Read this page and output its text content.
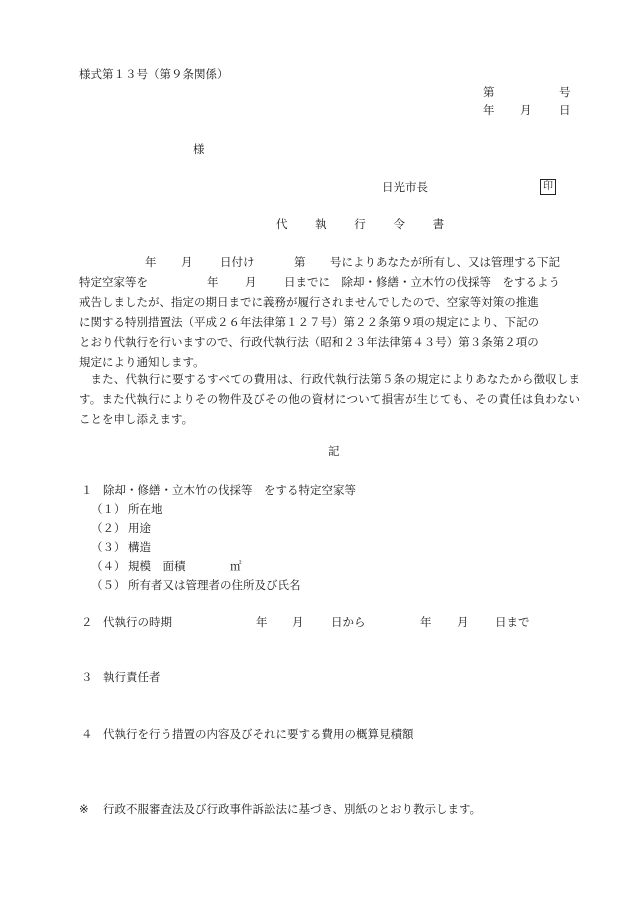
様式第１３号（第９条関係）
第	号
年 月 日
様
日光市長	印
代 執 行 令 書
年 月 日付け	第 号によりあなたが所有し、又は管理する下記
特定空家等を	年 月 日までに　除却・修繕・立木竹の伐採等　をするよう
戒告しましたが、指定の期日までに義務が履行されませんでしたので、空家等対策の推進
に関する特別措置法（平成２６年法律第１２７号）第２２条第９項の規定により、下記の
とおり代執行を行いますので、行政代執行法（昭和２３年法律第４３号）第３条第２項の
規定により通知します。
また、代執行に要するすべての費用は、行政代執行法第５条の規定によりあなたから徴収します。また代執行によりその物件及びその他の資材について損害が生じても、その責任は負わないことを申し添えます。
記
１ 除却・修繕・立木竹の伐採等　をする特定空家等
（１） 所在地
（２） 用途
（３） 構造
（４） 規模　面積	㎡
（５） 所有者又は管理者の住所及び氏名
２ 代執行の時期	年 月 日から	年 月 日まで
３ 執行責任者
４ 代執行を行う措置の内容及びそれに要する費用の概算見積額
※ 行政不服審査法及び行政事件訴訟法に基づき、別紙のとおり教示します。
